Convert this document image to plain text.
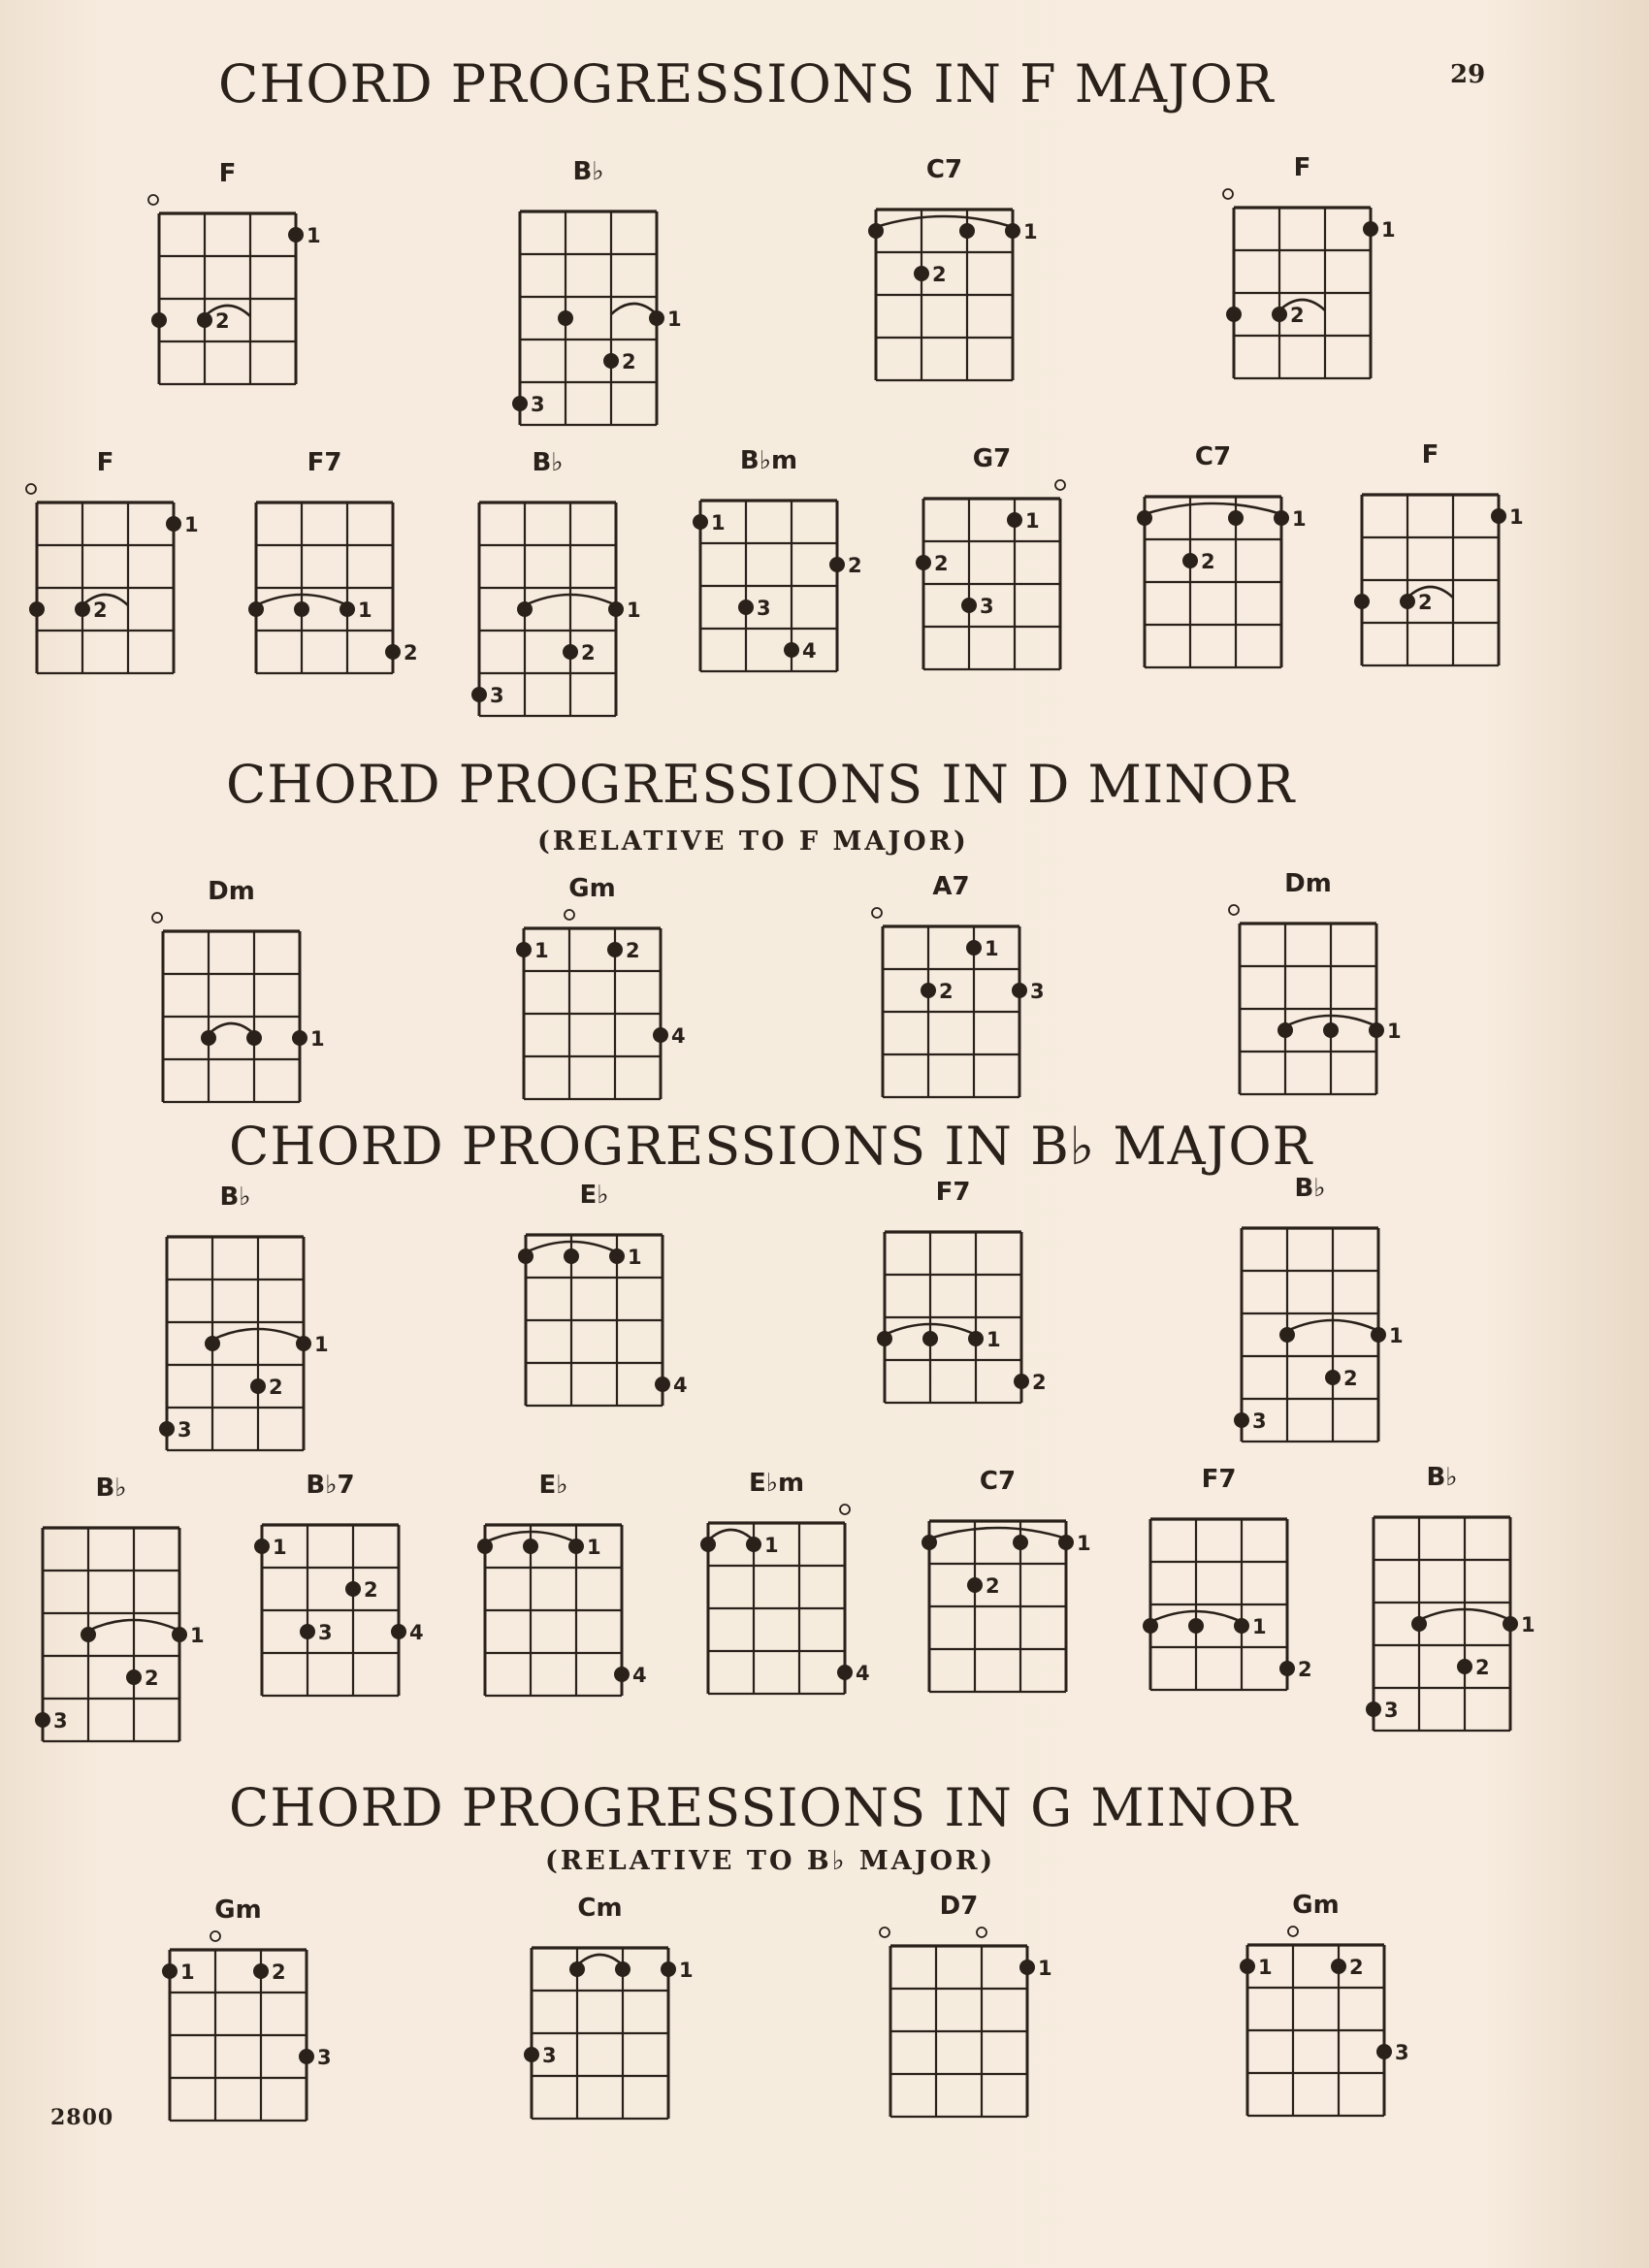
29

2800

CHORD PROGRESSIONS IN F MAJOR
CHORD PROGRESSIONS IN D MINOR

(RELATIVE TO F MAJOR)

CHORD PROGRESSIONS IN B♭ MAJOR
CHORD PROGRESSIONS IN G MINOR

(RELATIVE TO B♭ MAJOR)

F
1
2
B♭
1
2
3
C7
1
2
F
1
2
F
1
2
F7
1
2
B♭
1
2
3
B♭m
1
2
3
4
G7
1
2
3
C7
1
2
F
1
2
Dm
1
Gm
1	2
4
A7
1
2	3
Dm
1
B♭
1
2
3
E♭
1
4
F7
1
2
B♭
1
2
3
B♭
1
2
3
B♭7
1
2
3	4
E♭
1
4
E♭m
1
4
C7
1
2
F7
1
2
B♭
1
2
3
Gm
1	2
3
Cm
1
3
D7
1
Gm
1	2
3
